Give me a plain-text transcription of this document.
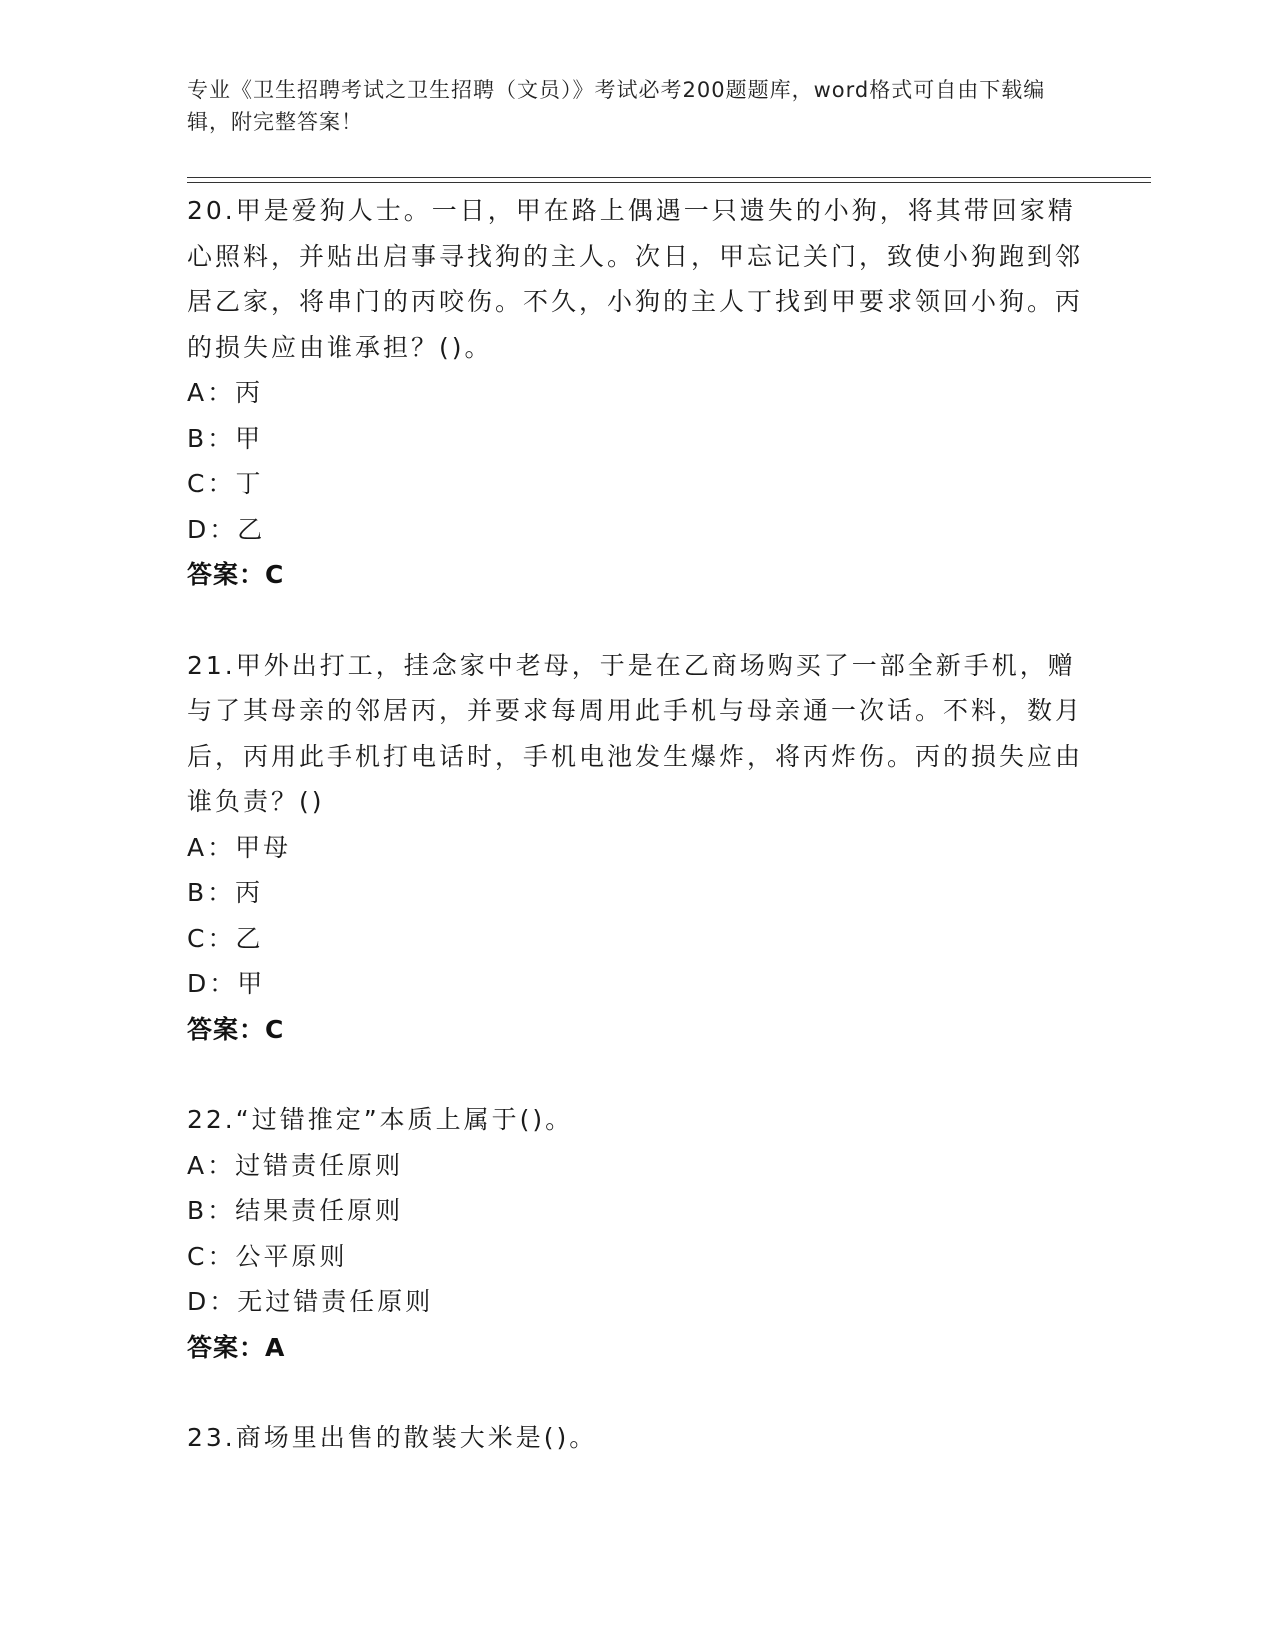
专业《卫生招聘考试之卫生招聘（文员）》考试必考200题题库，word格式可自由下载编辑，附完整答案！
20.甲是爱狗人士。一日，甲在路上偶遇一只遗失的小狗，将其带回家精心照料，并贴出启事寻找狗的主人。次日，甲忘记关门，致使小狗跑到邻居乙家，将串门的丙咬伤。不久，小狗的主人丁找到甲要求领回小狗。丙的损失应由谁承担？()。
A：丙
B：甲
C：丁
D：乙
答案：C
21.甲外出打工，挂念家中老母，于是在乙商场购买了一部全新手机，赠与了其母亲的邻居丙，并要求每周用此手机与母亲通一次话。不料，数月后，丙用此手机打电话时，手机电池发生爆炸，将丙炸伤。丙的损失应由谁负责？()
A：甲母
B：丙
C：乙
D：甲
答案：C
22.“过错推定”本质上属于()。
A：过错责任原则
B：结果责任原则
C：公平原则
D：无过错责任原则
答案：A
23.商场里出售的散装大米是()。
